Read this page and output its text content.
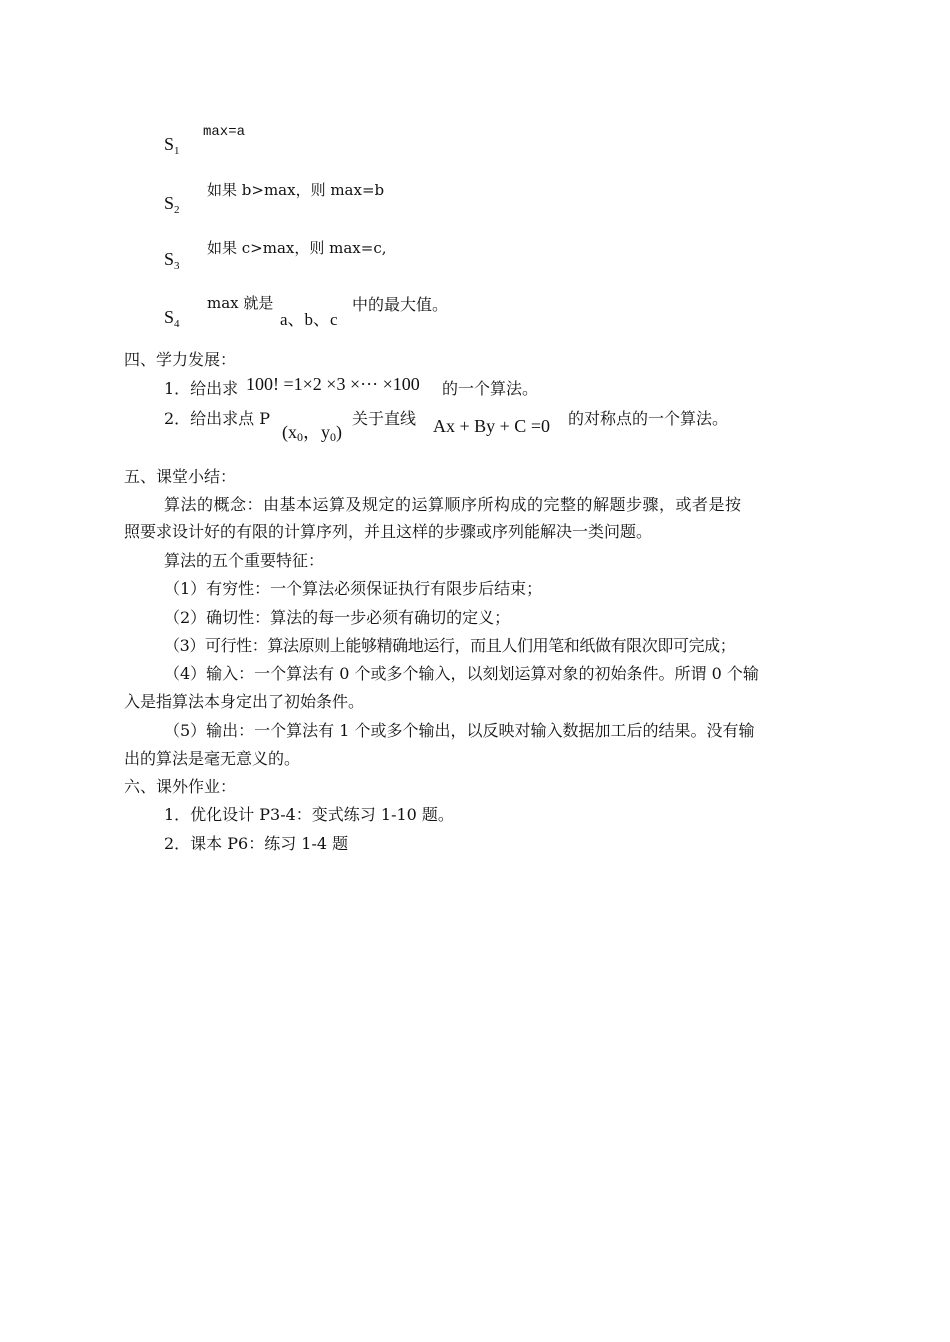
$S_1$
max=a
$S_2$
如果 b>max，则 max=b
$S_3$
如果 c>max，则 max=c,
$S_4$
max 就是
a、b、c
中的最大值。
四、学力发展：
1．给出求 100! =1×2 ×3 ×··· ×100 的一个算法。
2．给出求点 P
(x0，y0)
关于直线 Ax + By + C =0 的对称点的一个算法。
五、课堂小结：
算法的概念：由基本运算及规定的运算顺序所构成的完整的解题步骤，或者是按
照要求设计好的有限的计算序列，并且这样的步骤或序列能解决一类问题。
算法的五个重要特征：
（1）有穷性：一个算法必须保证执行有限步后结束；
（2）确切性：算法的每一步必须有确切的定义；
（3）可行性：算法原则上能够精确地运行，而且人们用笔和纸做有限次即可完成；
（4）输入：一个算法有 0 个或多个输入，以刻划运算对象的初始条件。所谓 0 个输
入是指算法本身定出了初始条件。
（5）输出：一个算法有 1 个或多个输出，以反映对输入数据加工后的结果。没有输
出的算法是毫无意义的。
六、课外作业：
1．优化设计 P3-4：变式练习 1-10 题。
2．课本 P6：练习 1-4 题
